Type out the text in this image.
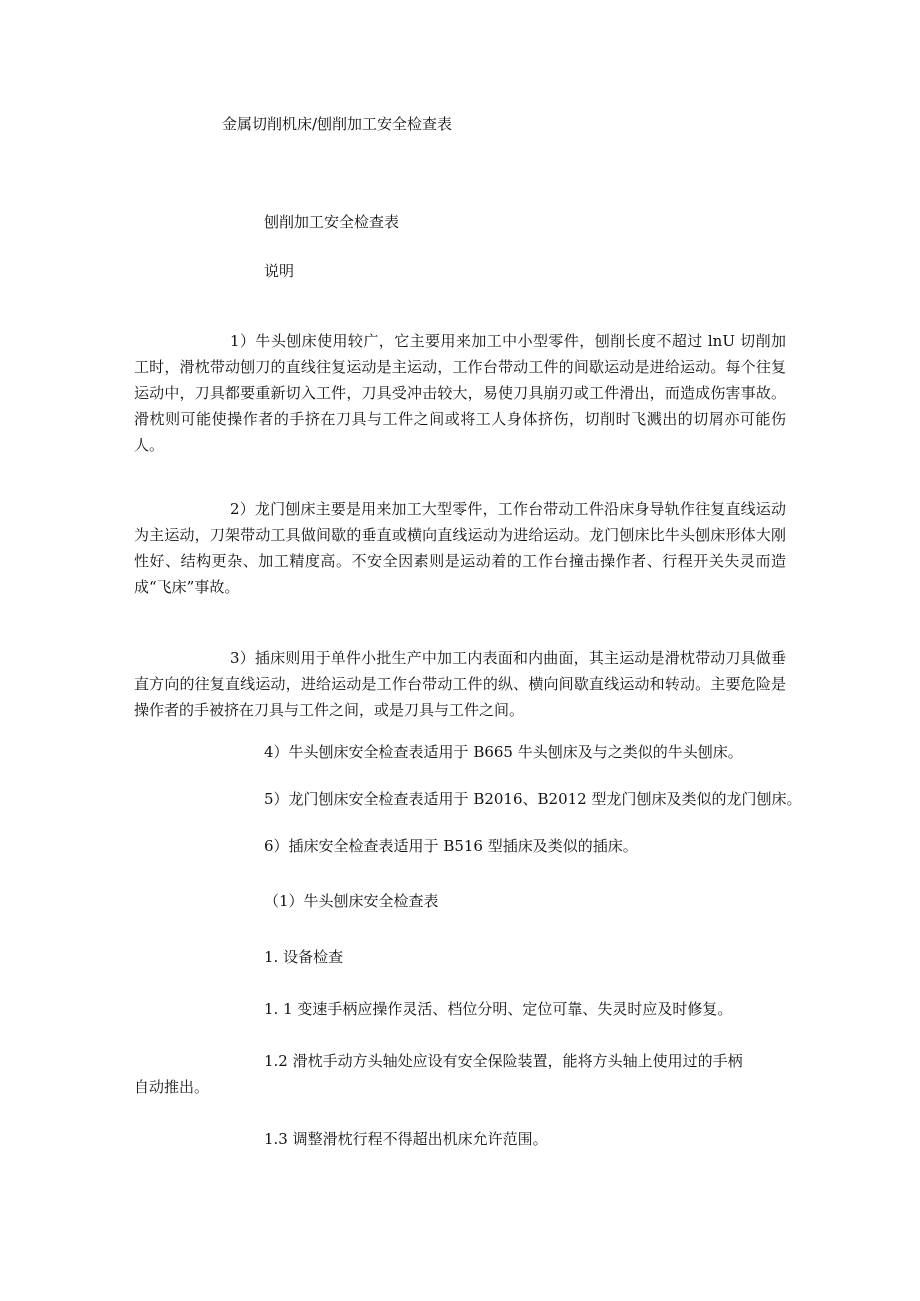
金属切削机床/刨削加工安全检查表
刨削加工安全检查表
说明
1）牛头刨床使用较广，它主要用来加工中小型零件，刨削长度不超过 lnU 切削加工时，滑枕带动刨刀的直线往复运动是主运动，工作台带动工件的间歇运动是进给运动。每个往复运动中，刀具都要重新切入工件，刀具受冲击较大，易使刀具崩刃或工件滑出，而造成伤害事故。滑枕则可能使操作者的手挤在刀具与工件之间或将工人身体挤伤，切削时飞溅出的切屑亦可能伤人。
2）龙门刨床主要是用来加工大型零件，工作台带动工件沿床身导轨作往复直线运动为主运动，刀架带动工具做间歇的垂直或横向直线运动为进给运动。龙门刨床比牛头刨床形体大刚性好、结构更杂、加工精度高。不安全因素则是运动着的工作台撞击操作者、行程开关失灵而造成“飞床”事故。
3）插床则用于单件小批生产中加工内表面和内曲面，其主运动是滑枕带动刀具做垂直方向的往复直线运动，进给运动是工作台带动工件的纵、横向间歇直线运动和转动。主要危险是操作者的手被挤在刀具与工件之间，或是刀具与工件之间。
4）牛头刨床安全检查表适用于 B665 牛头刨床及与之类似的牛头刨床。
5）龙门刨床安全检查表适用于 B2016、B2012 型龙门刨床及类似的龙门刨床。
6）插床安全检查表适用于 B516 型插床及类似的插床。
（1）牛头刨床安全检查表
1. 设备检查
1. 1 变速手柄应操作灵活、档位分明、定位可靠、失灵时应及时修复。
1.2 滑枕手动方头轴处应设有安全保险装置，能将方头轴上使用过的手柄
自动推出。
1.3 调整滑枕行程不得超出机床允许范围。
